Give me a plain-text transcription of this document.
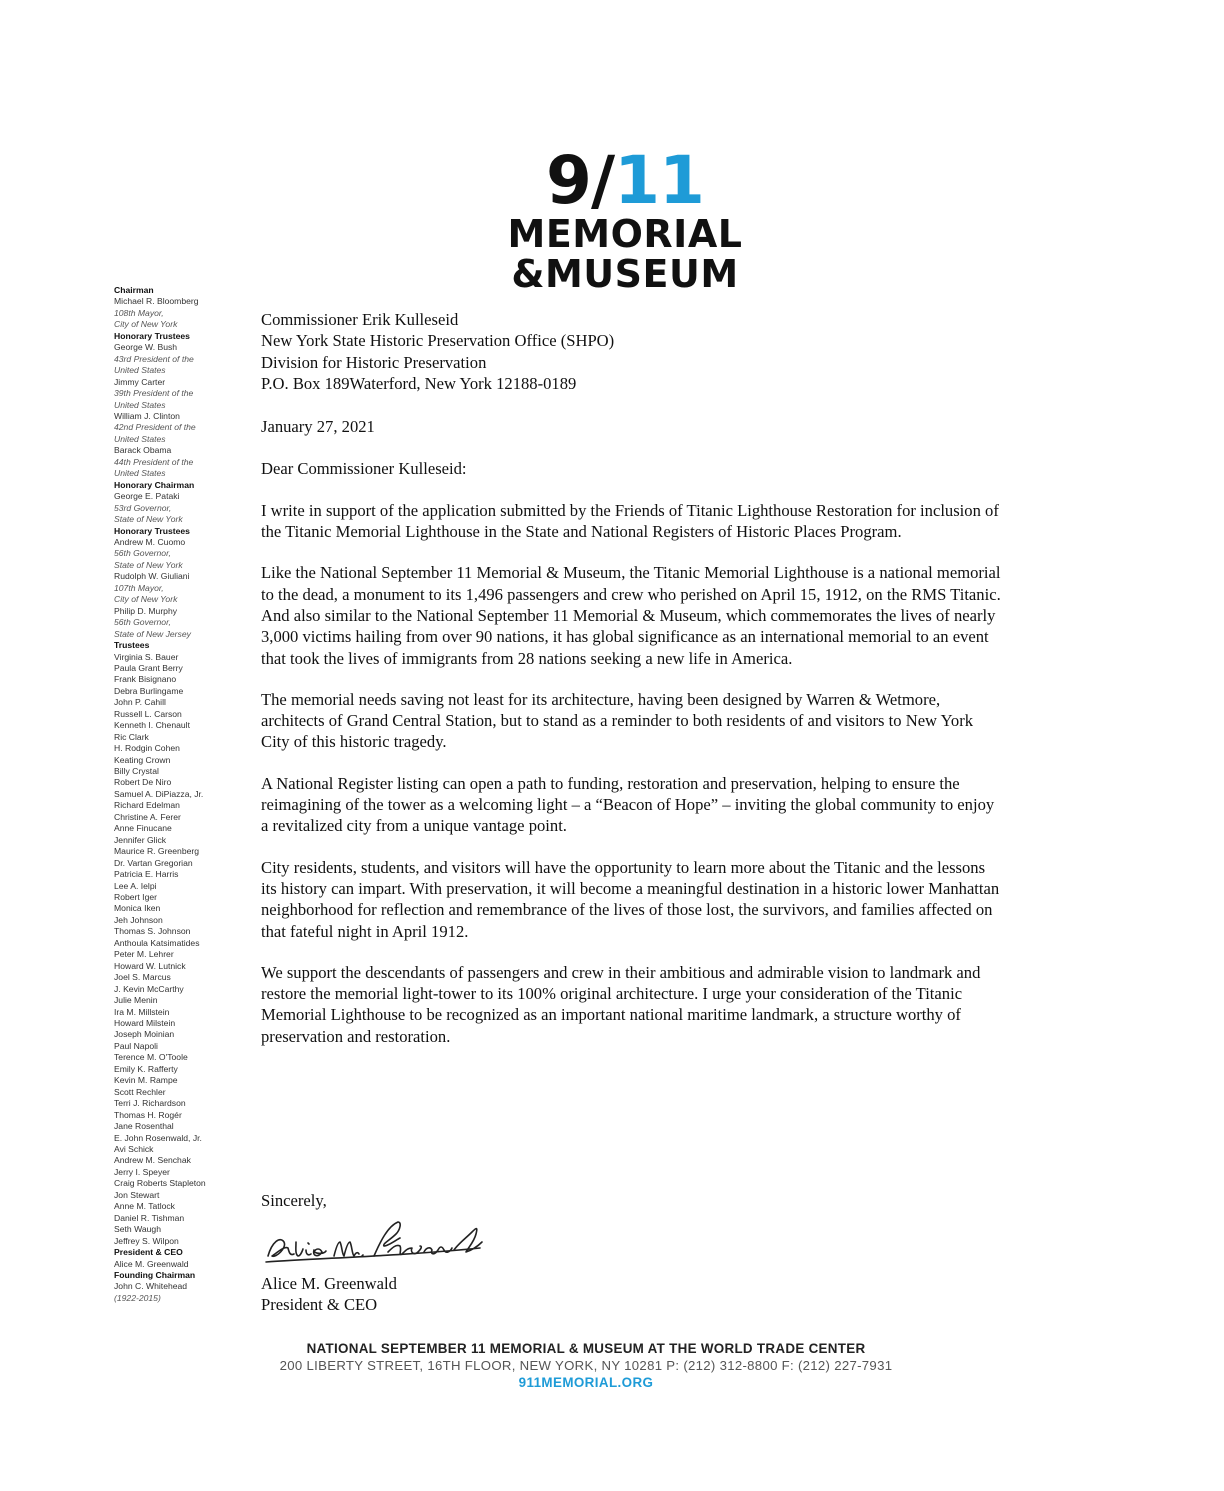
9/11
MEMORIAL
&MUSEUM
Chairman
Michael R. Bloomberg
108th Mayor,
City of New York
Honorary Trustees
George W. Bush
43rd President of the
United States
Jimmy Carter
39th President of the
United States
William J. Clinton
42nd President of the
United States
Barack Obama
44th President of the
United States
Honorary Chairman
George E. Pataki
53rd Governor,
State of New York
Honorary Trustees
Andrew M. Cuomo
56th Governor,
State of New York
Rudolph W. Giuliani
107th Mayor,
City of New York
Philip D. Murphy
56th Governor,
State of New Jersey
Trustees
Virginia S. Bauer
Paula Grant Berry
Frank Bisignano
Debra Burlingame
John P. Cahill
Russell L. Carson
Kenneth I. Chenault
Ric Clark
H. Rodgin Cohen
Keating Crown
Billy Crystal
Robert De Niro
Samuel A. DiPiazza, Jr.
Richard Edelman
Christine A. Ferer
Anne Finucane
Jennifer Glick
Maurice R. Greenberg
Dr. Vartan Gregorian
Patricia E. Harris
Lee A. Ielpi
Robert Iger
Monica Iken
Jeh Johnson
Thomas S. Johnson
Anthoula Katsimatides
Peter M. Lehrer
Howard W. Lutnick
Joel S. Marcus
J. Kevin McCarthy
Julie Menin
Ira M. Millstein
Howard Milstein
Joseph Moinian
Paul Napoli
Terence M. O'Toole
Emily K. Rafferty
Kevin M. Rampe
Scott Rechler
Terri J. Richardson
Thomas H. Rogér
Jane Rosenthal
E. John Rosenwald, Jr.
Avi Schick
Andrew M. Senchak
Jerry I. Speyer
Craig Roberts Stapleton
Jon Stewart
Anne M. Tatlock
Daniel R. Tishman
Seth Waugh
Jeffrey S. Wilpon
President & CEO
Alice M. Greenwald
Founding Chairman
John C. Whitehead
(1922-2015)
Commissioner Erik Kulleseid
New York State Historic Preservation Office (SHPO)
Division for Historic Preservation
P.O. Box 189Waterford, New York 12188-0189
January 27, 2021
Dear Commissioner Kulleseid:
I write in support of the application submitted by the Friends of Titanic Lighthouse Restoration for inclusion of the Titanic Memorial Lighthouse in the State and National Registers of Historic Places Program.
Like the National September 11 Memorial & Museum, the Titanic Memorial Lighthouse is a national memorial to the dead, a monument to its 1,496 passengers and crew who perished on April 15, 1912, on the RMS Titanic. And also similar to the National September 11 Memorial & Museum, which commemorates the lives of nearly 3,000 victims hailing from over 90 nations, it has global significance as an international memorial to an event that took the lives of immigrants from 28 nations seeking a new life in America.
The memorial needs saving not least for its architecture, having been designed by Warren & Wetmore, architects of Grand Central Station, but to stand as a reminder to both residents of and visitors to New York City of this historic tragedy.
A National Register listing can open a path to funding, restoration and preservation, helping to ensure the reimagining of the tower as a welcoming light – a “Beacon of Hope” – inviting the global community to enjoy a revitalized city from a unique vantage point.
City residents, students, and visitors will have the opportunity to learn more about the Titanic and the lessons its history can impart. With preservation, it will become a meaningful destination in a historic lower Manhattan neighborhood for reflection and remembrance of the lives of those lost, the survivors, and families affected on that fateful night in April 1912.
We support the descendants of passengers and crew in their ambitious and admirable vision to landmark and restore the memorial light-tower to its 100% original architecture. I urge your consideration of the Titanic Memorial Lighthouse to be recognized as an important national maritime landmark, a structure worthy of preservation and restoration.
Sincerely,
Alice M. Greenwald
President & CEO
NATIONAL SEPTEMBER 11 MEMORIAL & MUSEUM AT THE WORLD TRADE CENTER
200 LIBERTY STREET, 16TH FLOOR, NEW YORK, NY 10281 P: (212) 312-8800 F: (212) 227-7931
911MEMORIAL.ORG
